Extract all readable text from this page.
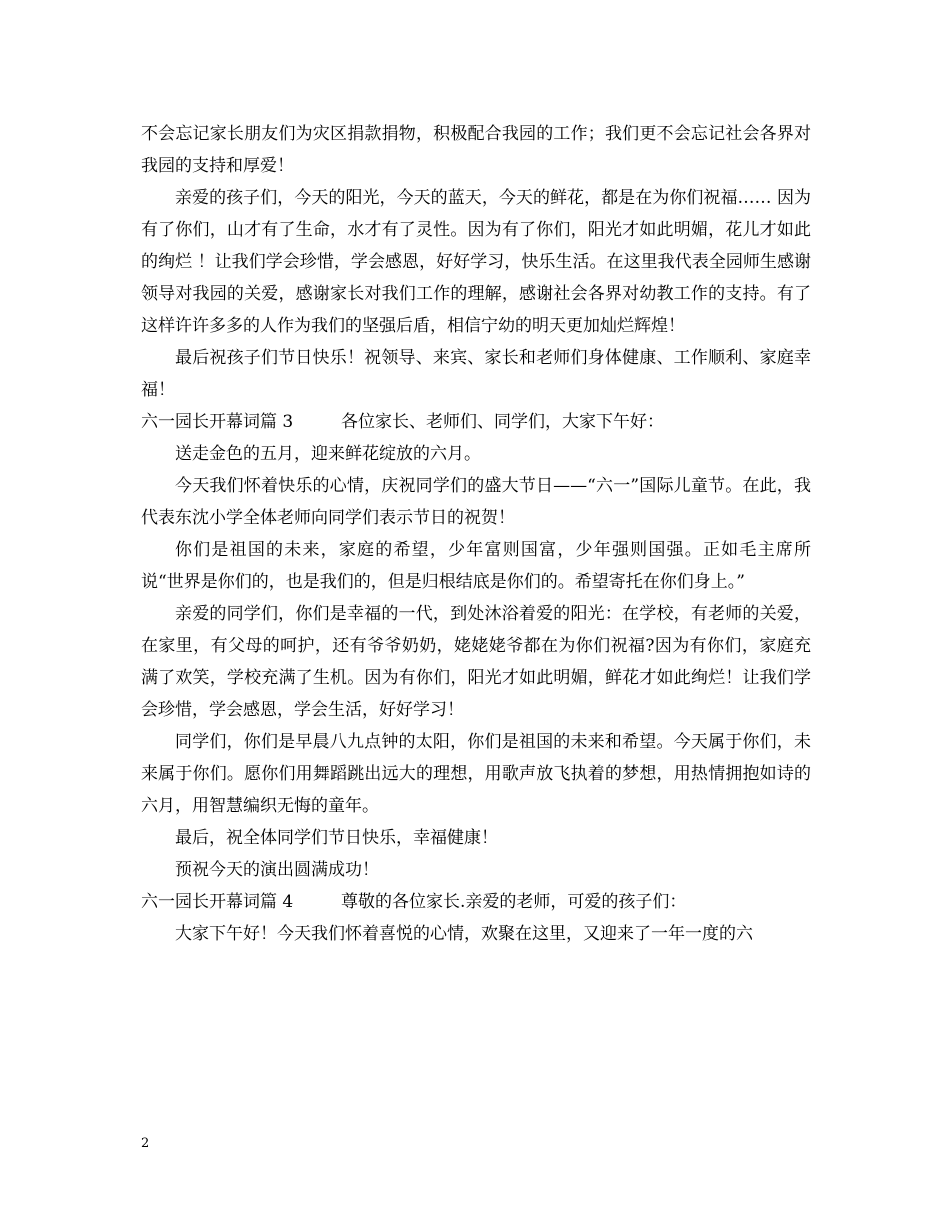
不会忘记家长朋友们为灾区捐款捐物，积极配合我园的工作；我们更不会忘记社会各界对我园的支持和厚爱！

亲爱的孩子们，今天的阳光，今天的蓝天，今天的鲜花，都是在为你们祝福…… 因为有了你们，山才有了生命，水才有了灵性。因为有了你们，阳光才如此明媚，花儿才如此的绚烂 ！让我们学会珍惜，学会感恩，好好学习，快乐生活。在这里我代表全园师生感谢领导对我园的关爱，感谢家长对我们工作的理解，感谢社会各界对幼教工作的支持。有了这样许许多多的人作为我们的坚强后盾，相信宁幼的明天更加灿烂辉煌！

最后祝孩子们节日快乐！祝领导、来宾、家长和老师们身体健康、工作顺利、家庭幸福！

六一园长开幕词篇 3	各位家长、老师们、同学们，大家下午好：

送走金色的五月，迎来鲜花绽放的六月。

今天我们怀着快乐的心情，庆祝同学们的盛大节日——“六一”国际儿童节。在此，我代表东沈小学全体老师向同学们表示节日的祝贺！

你们是祖国的未来，家庭的希望，少年富则国富，少年强则国强。正如毛主席所说“世界是你们的，也是我们的，但是归根结底是你们的。希望寄托在你们身上。”

亲爱的同学们，你们是幸福的一代，到处沐浴着爱的阳光：在学校，有老师的关爱，在家里，有父母的呵护，还有爷爷奶奶，姥姥姥爷都在为你们祝福?因为有你们，家庭充满了欢笑，学校充满了生机。因为有你们，阳光才如此明媚，鲜花才如此绚烂！让我们学会珍惜，学会感恩，学会生活，好好学习！

同学们，你们是早晨八九点钟的太阳，你们是祖国的未来和希望。今天属于你们，未来属于你们。愿你们用舞蹈跳出远大的理想，用歌声放飞执着的梦想，用热情拥抱如诗的六月，用智慧编织无悔的童年。

最后，祝全体同学们节日快乐，幸福健康！

预祝今天的演出圆满成功！

六一园长开幕词篇 4	尊敬的各位家长.亲爱的老师，可爱的孩子们：

大家下午好！今天我们怀着喜悦的心情，欢聚在这里，又迎来了一年一度的六

2
